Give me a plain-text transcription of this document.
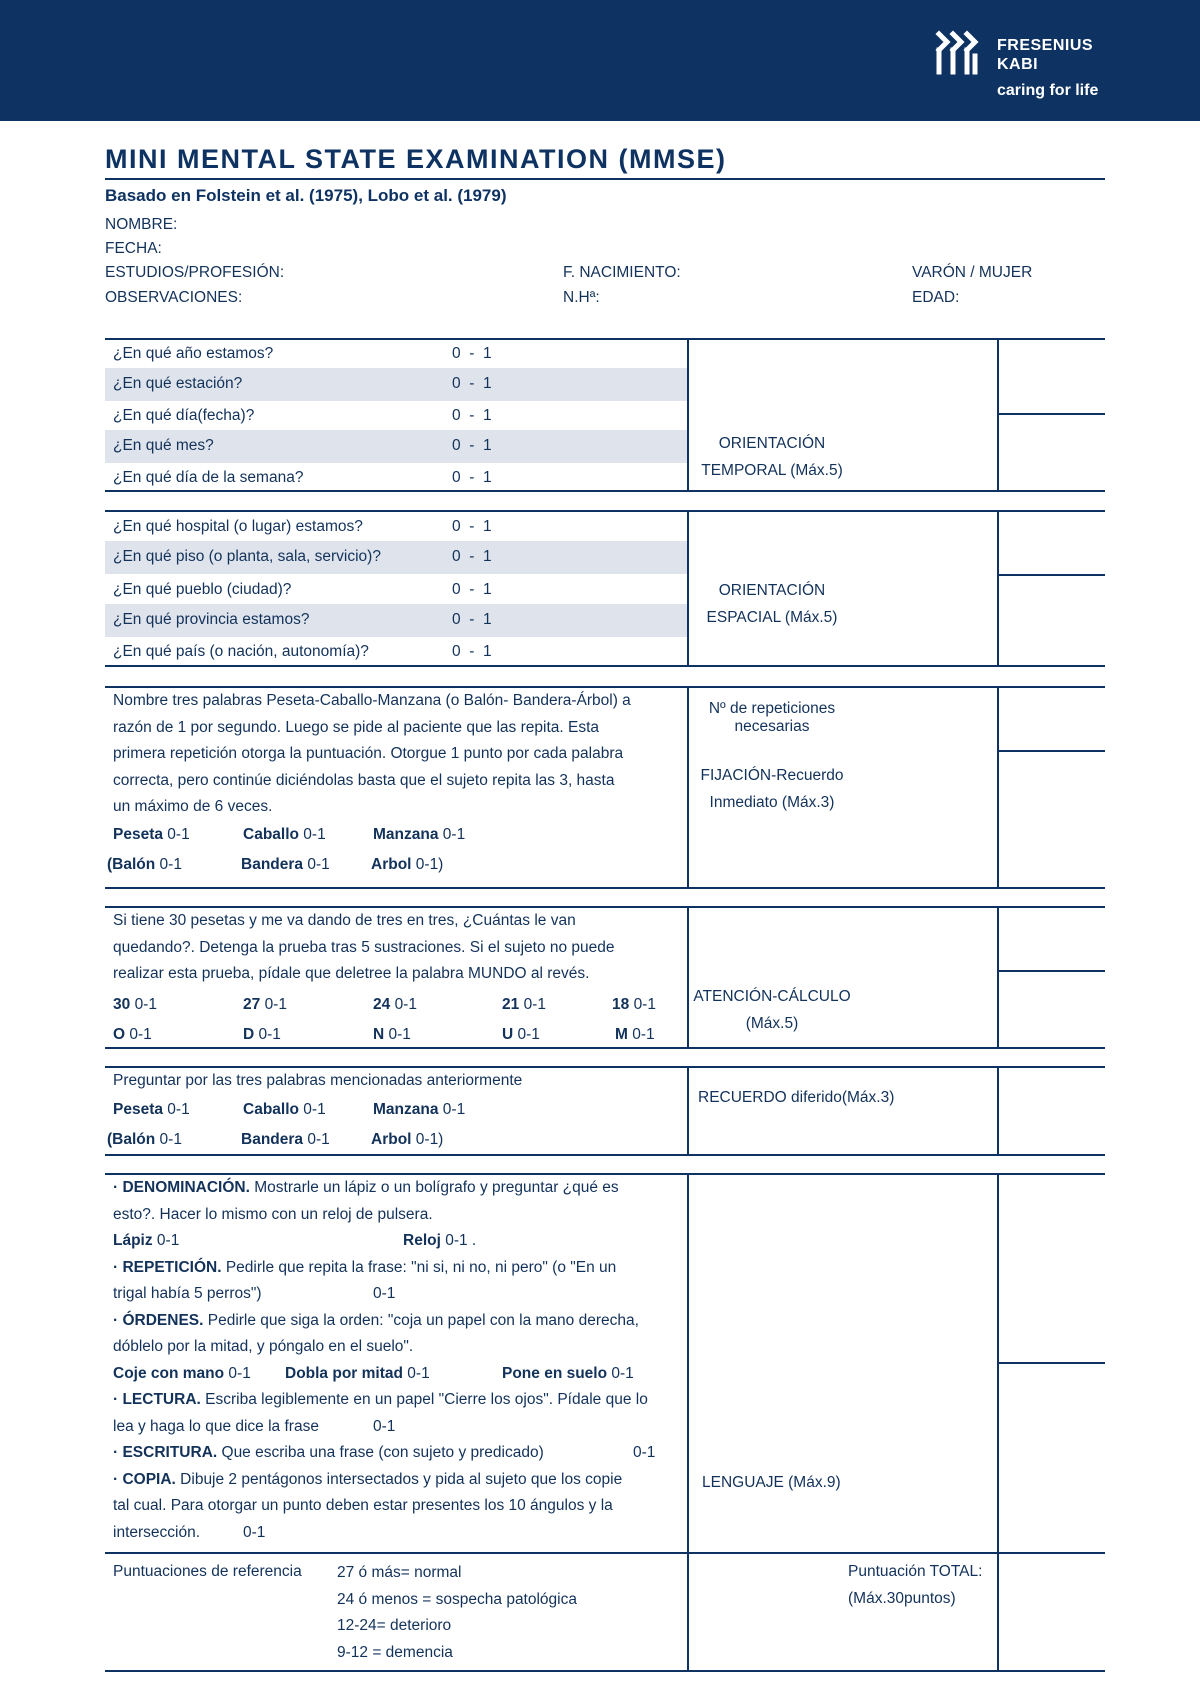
FRESENIUS
KABI
caring for life
MINI MENTAL STATE EXAMINATION (MMSE)
Basado en Folstein et al. (1975), Lobo et al. (1979)
NOMBRE:
FECHA:
ESTUDIOS/PROFESIÓN:	F. NACIMIENTO:	VARÓN / MUJER
OBSERVACIONES:	N.Hª:	EDAD:
¿En qué año estamos?	0  -  1
¿En qué estación?	0  -  1
¿En qué día(fecha)?	0  -  1
¿En qué mes?	0  -  1
¿En qué día de la semana?	0  -  1
ORIENTACIÓN
TEMPORAL (Máx.5)
¿En qué hospital (o lugar) estamos?	0  -  1
¿En qué piso (o planta, sala, servicio)?	0  -  1
¿En qué pueblo (ciudad)?	0  -  1
¿En qué provincia estamos?	0  -  1
¿En qué país (o nación, autonomía)?	0  -  1
ORIENTACIÓN
ESPACIAL (Máx.5)
Nombre tres palabras Peseta-Caballo-Manzana (o Balón- Bandera-Árbol) a
razón de 1 por segundo. Luego se pide al paciente que las repita. Esta
primera repetición otorga la puntuación. Otorgue 1 punto por cada palabra
correcta, pero continúe diciéndolas basta que el sujeto repita las 3, hasta
un máximo de 6 veces.
Peseta 0-1	Caballo 0-1	Manzana 0-1
(Balón 0-1	Bandera 0-1	Arbol 0-1)
Nº de repeticiones
necesarias
FIJACIÓN-Recuerdo
Inmediato (Máx.3)
Si tiene 30 pesetas y me va dando de tres en tres, ¿Cuántas le van
quedando?. Detenga la prueba tras 5 sustraciones. Si el sujeto no puede
realizar esta prueba, pídale que deletree la palabra MUNDO al revés.
30 0-1	27 0-1	24 0-1	21 0-1	18 0-1
O 0-1	D 0-1	N 0-1	U 0-1	M 0-1
ATENCIÓN-CÁLCULO
(Máx.5)
Preguntar por las tres palabras mencionadas anteriormente
Peseta 0-1	Caballo 0-1	Manzana 0-1
(Balón 0-1	Bandera 0-1	Arbol 0-1)
RECUERDO diferido(Máx.3)
· DENOMINACIÓN. Mostrarle un lápiz o un bolígrafo y preguntar ¿qué es
esto?. Hacer lo mismo con un reloj de pulsera.
Lápiz 0-1	Reloj 0-1 .
· REPETICIÓN. Pedirle que repita la frase: "ni si, ni no, ni pero" (o "En un
trigal había 5 perros")	0-1
· ÓRDENES. Pedirle que siga la orden: "coja un papel con la mano derecha,
dóblelo por la mitad, y póngalo en el suelo".
Coje con mano 0-1 Dobla por mitad 0-1	Pone en suelo 0-1
· LECTURA. Escriba legiblemente en un papel "Cierre los ojos". Pídale que lo
lea y haga lo que dice la frase	0-1
· ESCRITURA. Que escriba una frase (con sujeto y predicado)	0-1
· COPIA. Dibuje 2 pentágonos intersectados y pida al sujeto que los copie
tal cual. Para otorgar un punto deben estar presentes los 10 ángulos y la
intersección.	0-1
LENGUAJE (Máx.9)
Puntuaciones de referencia 27 ó más= normal
24 ó menos = sospecha patológica
12-24= deterioro
9-12 = demencia
Puntuación TOTAL:
(Máx.30puntos)
